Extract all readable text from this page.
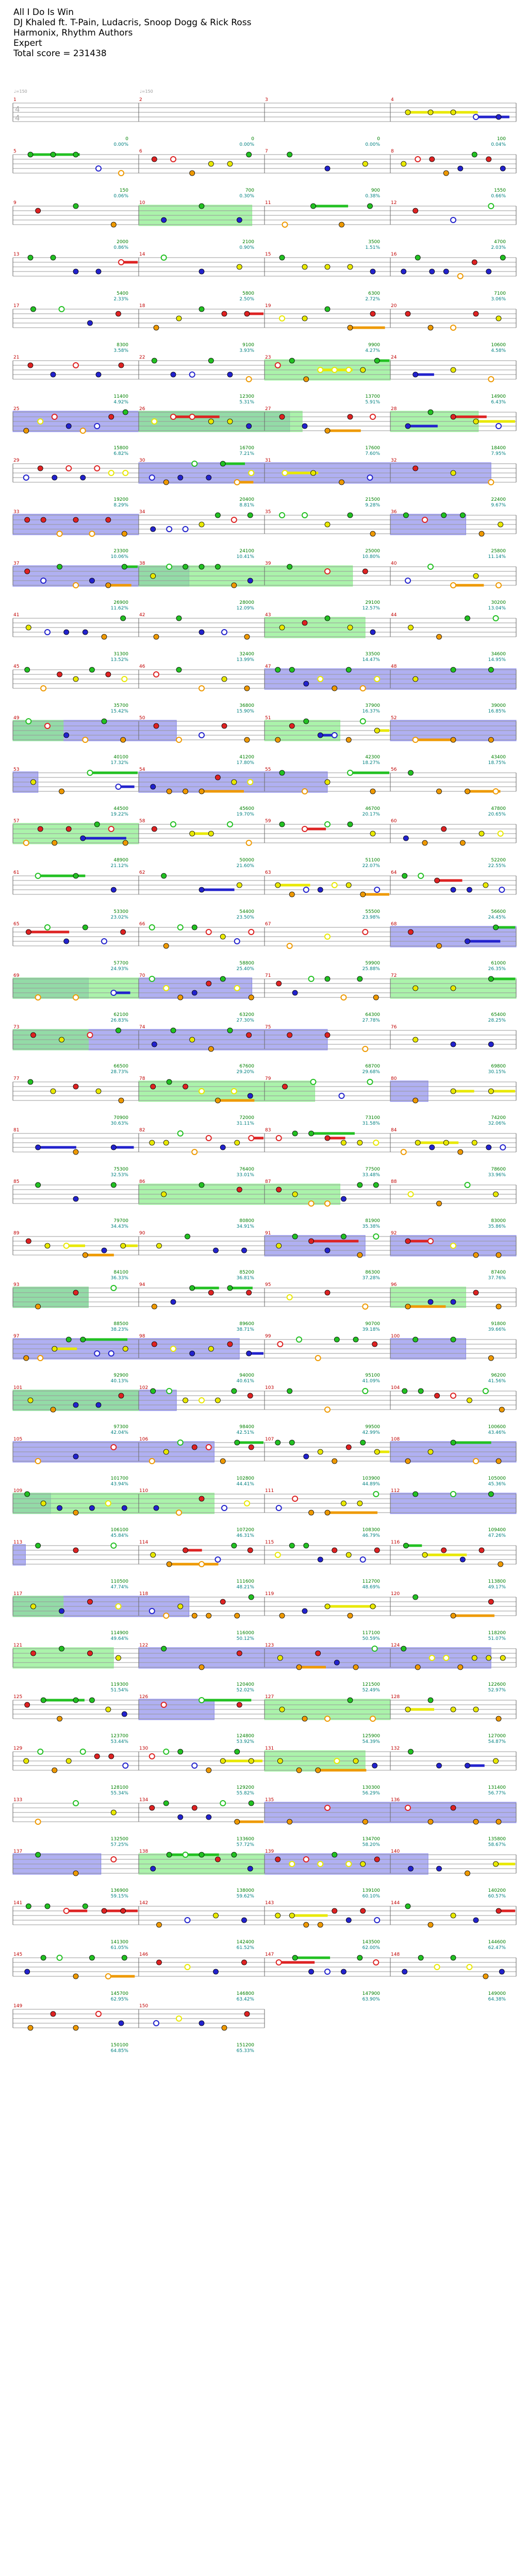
All I Do Is Win
DJ Khaled ft. T-Pain, Ludacris, Snoop Dogg & Rick Ross
Harmonix, Rhythm Authors
Expert
Total score = 231438
4
4
♩=150	♩=150
1
0
0.00%
2
0
0.00%
3
0
0.00%
4
100
0.04%
5
150
0.06%
6
700
0.30%
7
900
0.38%
8
1550
0.66%
9
2000
0.86%
10
2100
0.90%
11
3500
1.51%
12
4700
2.03%
13
5400
2.33%
14
5800
2.50%
15
6300
2.72%
16
7100
3.06%
17
8300
3.58%
18
9100
3.93%
19
9900
4.27%
20
10600
4.58%
21
11400
4.92%
22
12300
5.31%
23
13700
5.91%
24
14900
6.43%
25
15800
6.82%
26
16700
7.21%
27
17600
7.60%
28
18400
7.95%
29
19200
8.29%
30
20400
8.81%
31
21500
9.28%
32
22400
9.67%
33
23300
10.06%
34
24100
10.41%
35
25000
10.80%
36
25800
11.14%
37
26900
11.62%
38
28000
12.09%
39
29100
12.57%
40
30200
13.04%
41
31300
13.52%
42
32400
13.99%
43
33500
14.47%
44
34600
14.95%
45
35700
15.42%
46
36800
15.90%
47
37900
16.37%
48
39000
16.85%
49
40100
17.32%
50
41200
17.80%
51
42300
18.27%
52
43400
18.75%
53
44500
19.22%
54
45600
19.70%
55
46700
20.17%
56
47800
20.65%
57
48900
21.12%
58
50000
21.60%
59
51100
22.07%
60
52200
22.55%
61
53300
23.02%
62
54400
23.50%
63
55500
23.98%
64
56600
24.45%
65
57700
24.93%
66
58800
25.40%
67
59900
25.88%
68
61000
26.35%
69
62100
26.83%
70
63200
27.30%
71
64300
27.78%
72
65400
28.25%
73
66500
28.73%
74
67600
29.20%
75
68700
29.68%
76
69800
30.15%
77
70900
30.63%
78
72000
31.11%
79
73100
31.58%
80
74200
32.06%
81
75300
32.53%
82
76400
33.01%
83
77500
33.48%
84
78600
33.96%
85
79700
34.43%
86
80800
34.91%
87
81900
35.38%
88
83000
35.86%
89
84100
36.33%
90
85200
36.81%
91
86300
37.28%
92
87400
37.76%
93
88500
38.23%
94
89600
38.71%
95
90700
39.18%
96
91800
39.66%
97
92900
40.13%
98
94000
40.61%
99
95100
41.09%
100
96200
41.56%
101
97300
42.04%
102
98400
42.51%
103
99500
42.99%
104
100600
43.46%
105
101700
43.94%
106
102800
44.41%
107
103900
44.89%
108
105000
45.36%
109
106100
45.84%
110
107200
46.31%
111
108300
46.79%
112
109400
47.26%
113
110500
47.74%
114
111600
48.21%
115
112700
48.69%
116
113800
49.17%
117
114900
49.64%
118
116000
50.12%
119
117100
50.59%
120
118200
51.07%
121
119300
51.54%
122
120400
52.02%
123
121500
52.49%
124
122600
52.97%
125
123700
53.44%
126
124800
53.92%
127
125900
54.39%
128
127000
54.87%
129
128100
55.34%
130
129200
55.82%
131
130300
56.29%
132
131400
56.77%
133
132500
57.25%
134
133600
57.72%
135
134700
58.20%
136
135800
58.67%
137
136900
59.15%
138
138000
59.62%
139
139100
60.10%
140
140200
60.57%
141
141300
61.05%
142
142400
61.52%
143
143500
62.00%
144
144600
62.47%
145
145700
62.95%
146
146800
63.42%
147
147900
63.90%
148
149000
64.38%
149
150100
64.85%
150
151200
65.33%
